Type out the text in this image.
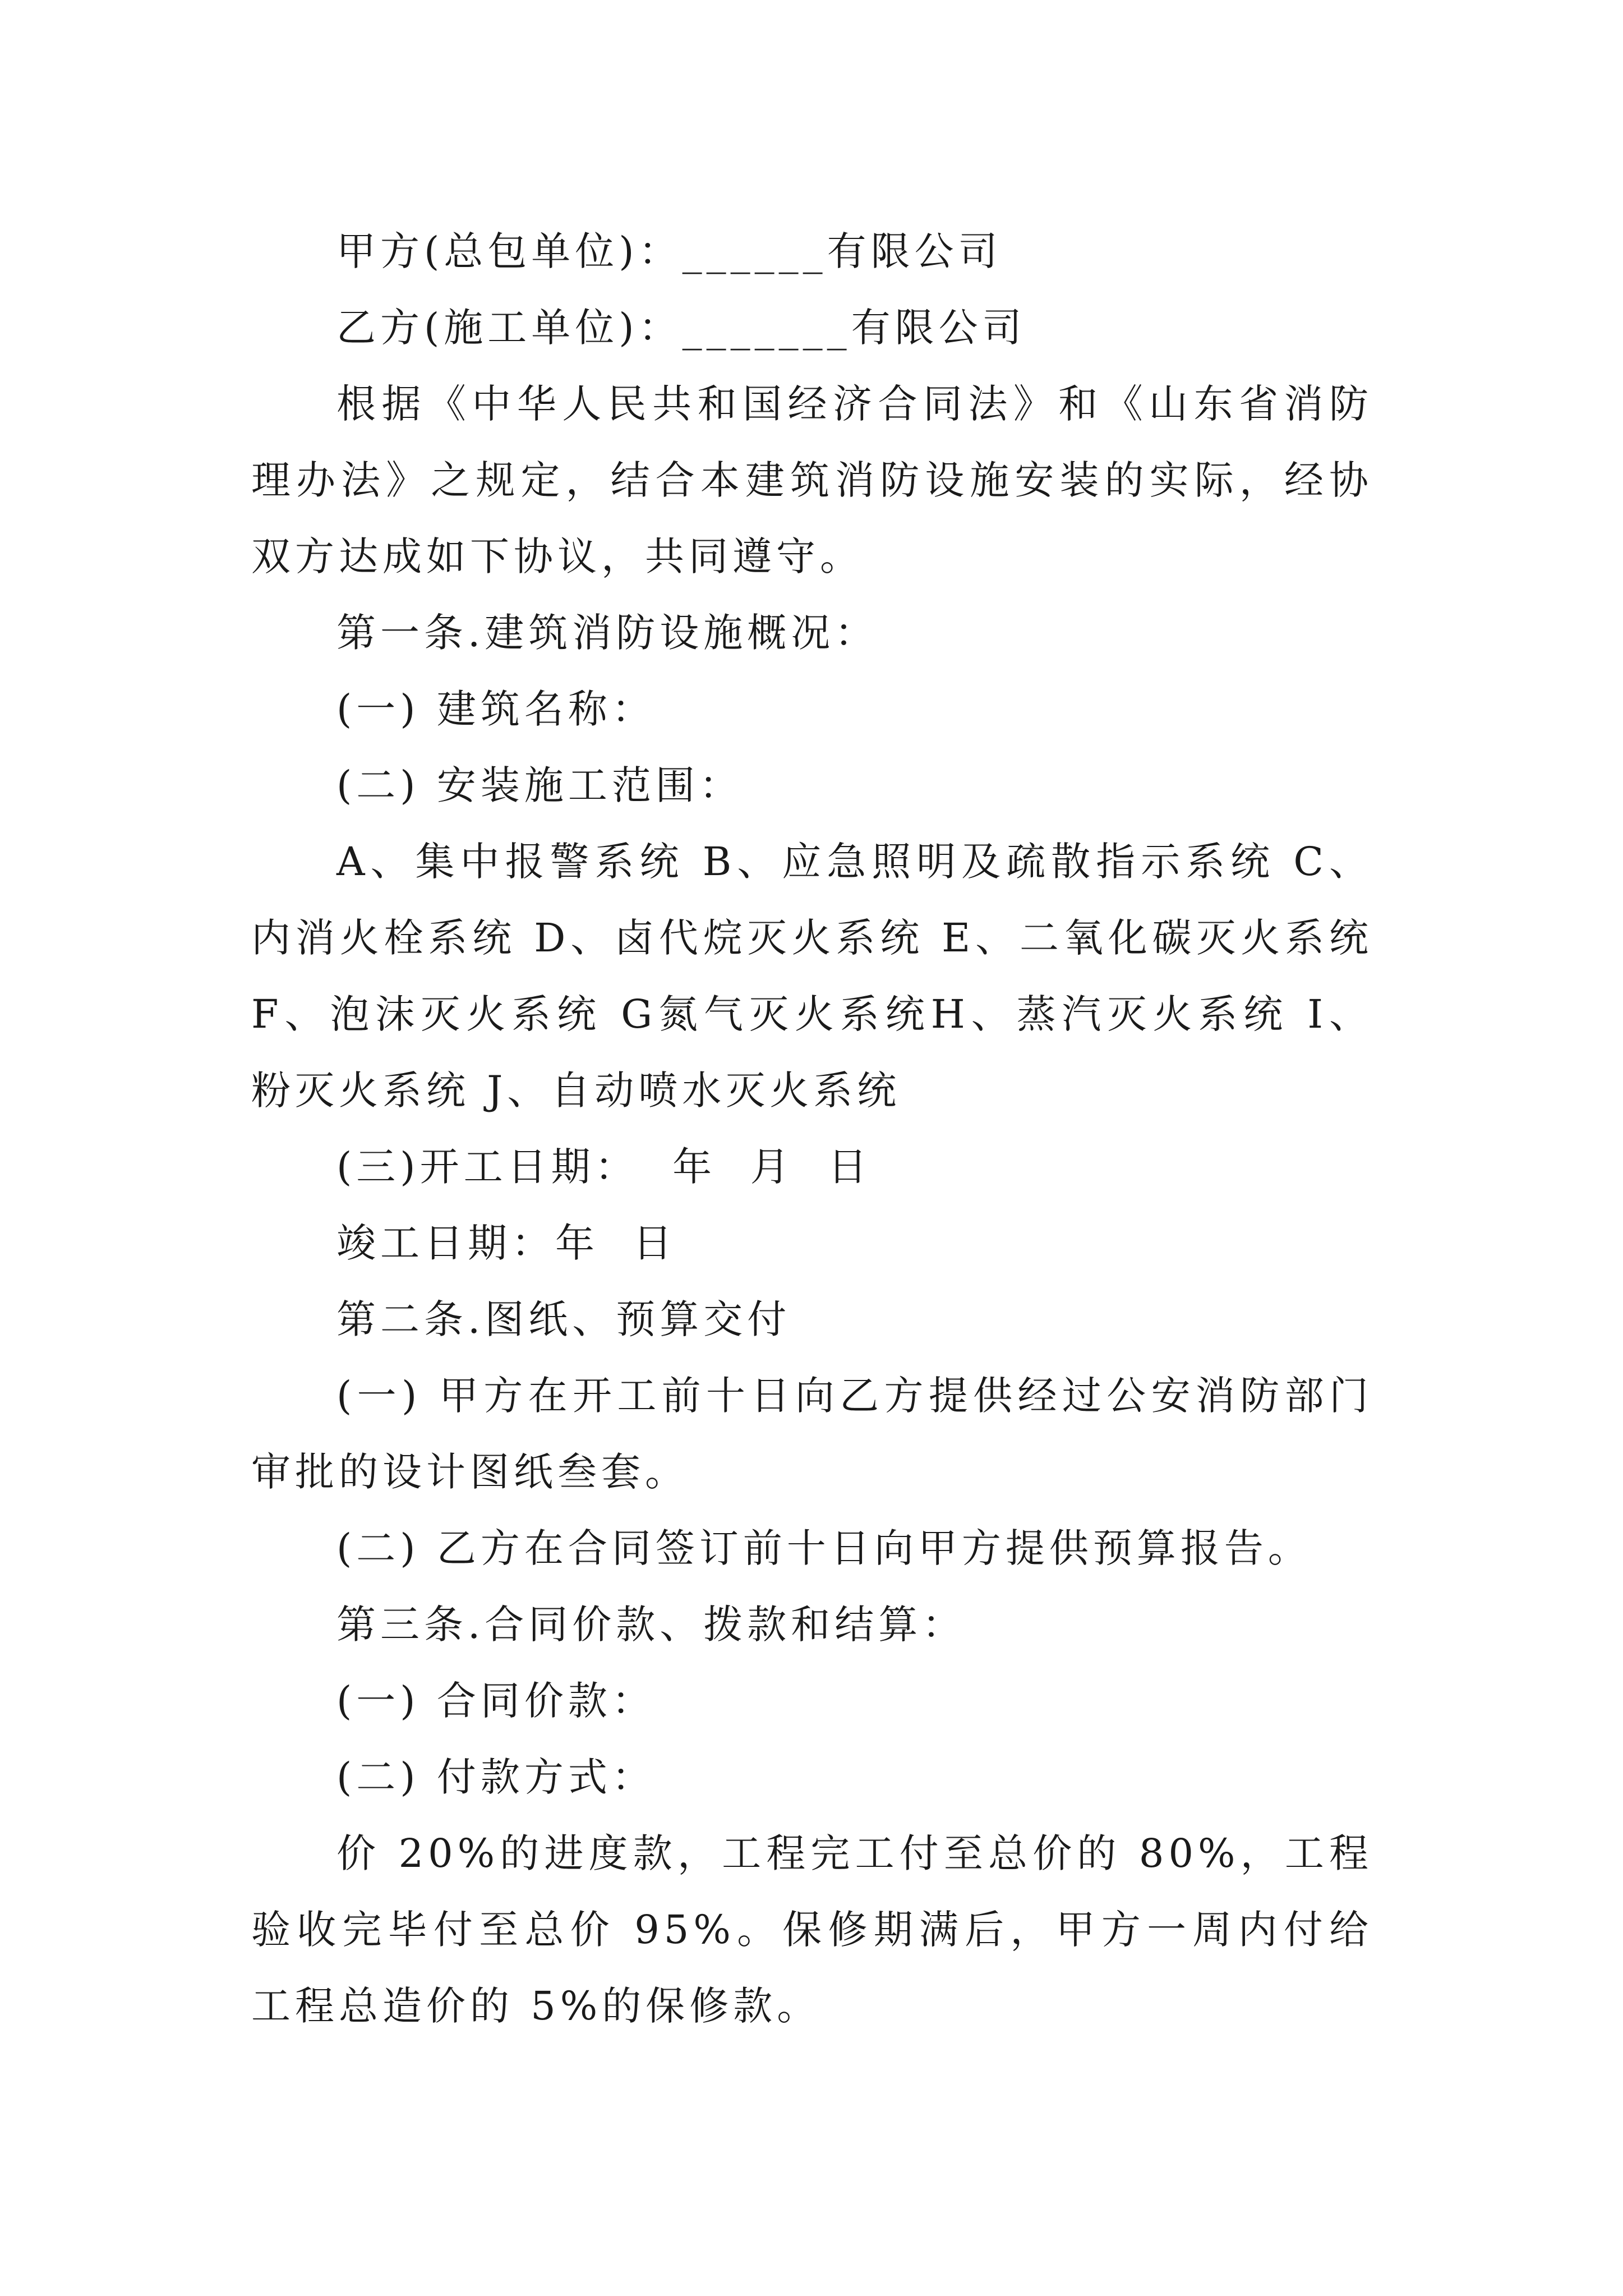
甲方(总包单位)：______有限公司
乙方(施工单位)：_______有限公司
根据《中华人民共和国经济合同法》和《山东省消防
理办法》之规定，结合本建筑消防设施安装的实际，经协
双方达成如下协议，共同遵守。
第一条.建筑消防设施概况：
(一) 建筑名称：
(二) 安装施工范围：
A、集中报警系统 B、应急照明及疏散指示系统 C、
内消火栓系统 D、卤代烷灭火系统 E、二氧化碳灭火系统
F、泡沫灭火系统 G氮气灭火系统H、蒸汽灭火系统 I、
粉灭火系统 J、自动喷水灭火系统
(三)开工日期：  年  月  日
竣工日期：年  日
第二条.图纸、预算交付
(一) 甲方在开工前十日向乙方提供经过公安消防部门
审批的设计图纸叁套。
(二) 乙方在合同签订前十日向甲方提供预算报告。
第三条.合同价款、拨款和结算：
(一) 合同价款：
(二) 付款方式：
价 20%的进度款，工程完工付至总价的 80%，工程
验收完毕付至总价 95%。保修期满后，甲方一周内付给
工程总造价的 5%的保修款。
